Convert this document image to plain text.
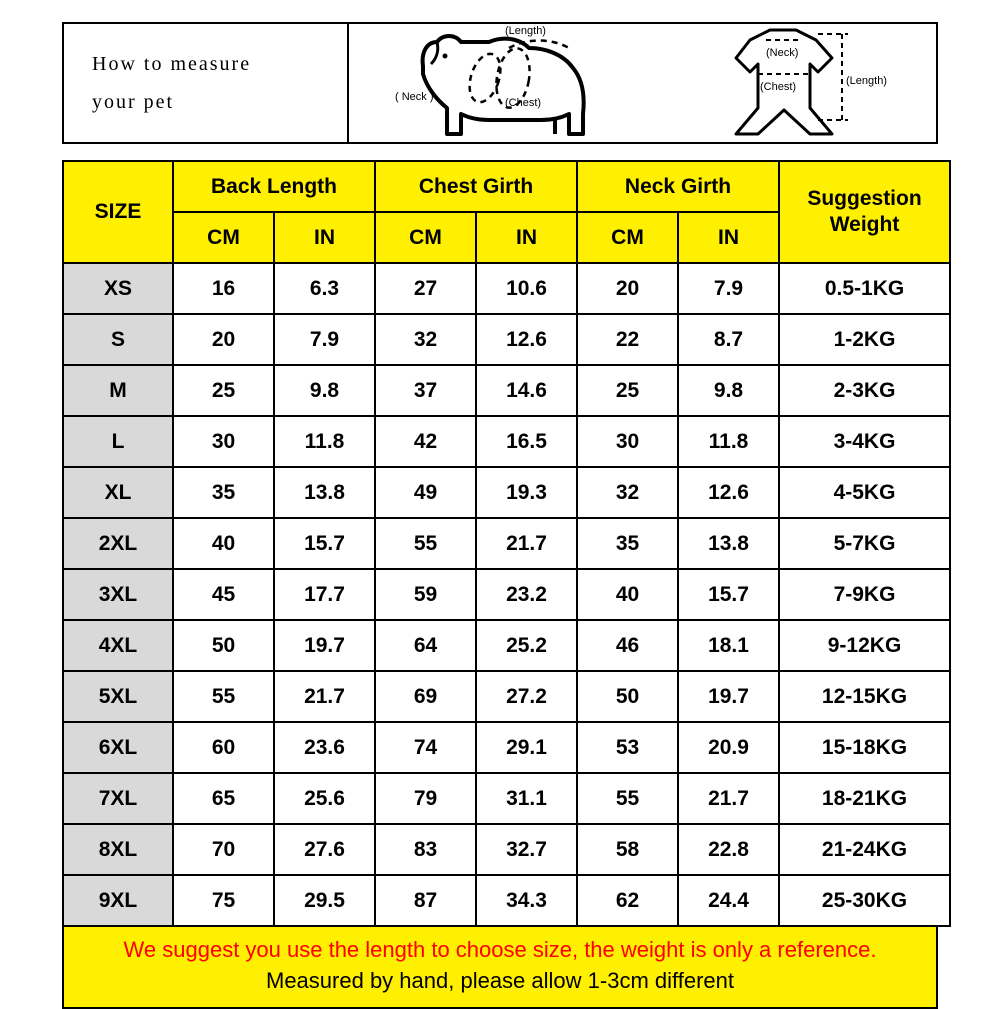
How to measure
your pet
(Length)
( Neck )	(Chest)
(Neck)
(Chest)	(Length)
SIZE	Back Length		Chest Girth		Neck Girth		Suggestion
Weight

	CM	IN	CM	IN	CM	IN	
XS	16	6.3	27	10.6	20	7.9	0.5-1KG
S	20	7.9	32	12.6	22	8.7	1-2KG
M	25	9.8	37	14.6	25	9.8	2-3KG
L	30	11.8	42	16.5	30	11.8	3-4KG
XL	35	13.8	49	19.3	32	12.6	4-5KG
2XL	40	15.7	55	21.7	35	13.8	5-7KG
3XL	45	17.7	59	23.2	40	15.7	7-9KG
4XL	50	19.7	64	25.2	46	18.1	9-12KG
5XL	55	21.7	69	27.2	50	19.7	12-15KG
6XL	60	23.6	74	29.1	53	20.9	15-18KG
7XL	65	25.6	79	31.1	55	21.7	18-21KG
8XL	70	27.6	83	32.7	58	22.8	21-24KG
9XL	75	29.5	87	34.3	62	24.4	25-30KG
We suggest you use the length to choose size, the weight is only a reference.
Measured by hand, please allow 1-3cm different
